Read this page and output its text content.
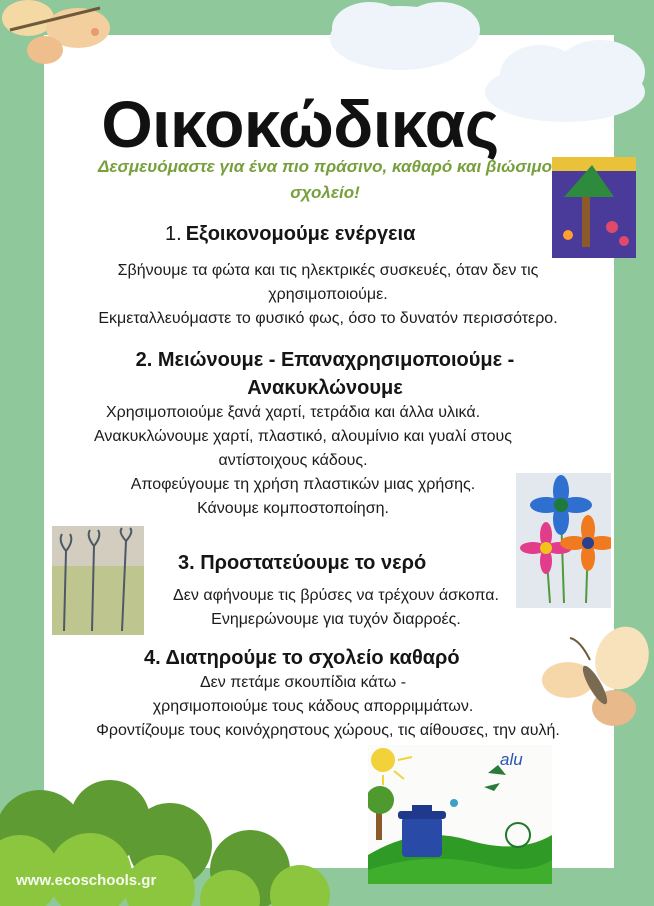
Οικοκώδικας
Δεσμευόμαστε για ένα πιο πράσινο, καθαρό και βιώσιμο σχολείο!
1. Εξοικονομούμε ενέργεια
Σβήνουμε τα φώτα και τις ηλεκτρικές συσκευές, όταν δεν τις
χρησιμοποιούμε.
Εκμεταλλευόμαστε το φυσικό φως, όσο το δυνατόν περισσότερο.
2. Μειώνουμε - Επαναχρησιμοποιούμε -
Ανακυκλώνουμε
Χρησιμοποιούμε ξανά χαρτί, τετράδια και άλλα υλικά.
Ανακυκλώνουμε χαρτί, πλαστικό, αλουμίνιο και γυαλί στους
αντίστοιχους κάδους.
Αποφεύγουμε τη χρήση πλαστικών μιας χρήσης.
Κάνουμε κομποστοποίηση.
3. Προστατεύουμε το νερό
Δεν αφήνουμε τις βρύσες να τρέχουν άσκοπα.
Ενημερώνουμε για τυχόν διαρροές.
4. Διατηρούμε το σχολείο καθαρό
Δεν πετάμε σκουπίδια κάτω -
χρησιμοποιούμε τους κάδους απορριμμάτων.
Φροντίζουμε τους κοινόχρηστους χώρους, τις αίθουσες, την αυλή.
alu
www.ecoschools.gr
